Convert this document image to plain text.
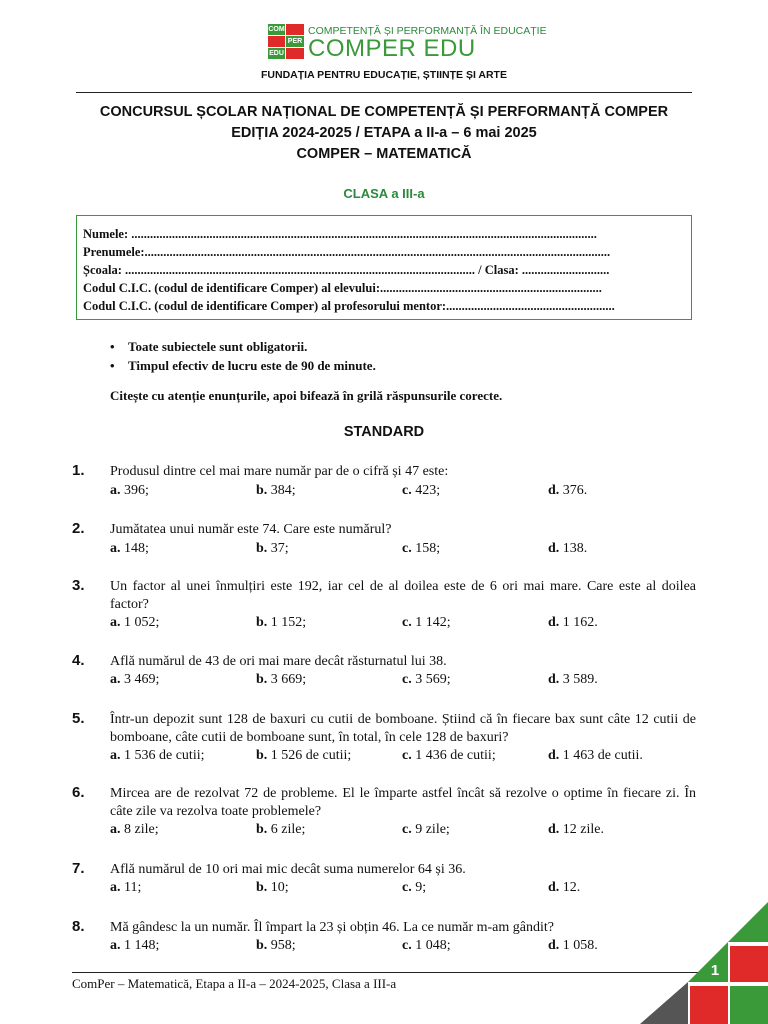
COM
PER
EDU
COMPETENȚĂ ȘI PERFORMANȚĂ ÎN EDUCAȚIE
COMPER EDU
FUNDAȚIA PENTRU EDUCAȚIE, ȘTIINȚE ȘI ARTE
CONCURSUL ȘCOLAR NAȚIONAL DE COMPETENȚĂ ȘI PERFORMANȚĂ COMPER
EDIȚIA 2024-2025 / ETAPA a II-a – 6 mai 2025
COMPER – MATEMATICĂ
CLASA a III-a
Numele: .....................................................................................................................................................
Prenumele:.....................................................................................................................................................
Școala: ................................................................................................................ / Clasa: ............................
Codul C.I.C. (codul de identificare Comper) al elevului:.......................................................................
Codul C.I.C. (codul de identificare Comper) al profesorului mentor:......................................................
• Toate subiectele sunt obligatorii.
• Timpul efectiv de lucru este de 90 de minute.
Citește cu atenție enunțurile, apoi bifează în grilă răspunsurile corecte.
STANDARD
1. Produsul dintre cel mai mare număr par de o cifră și 47 este:
a. 396;	b. 384;	c. 423;	d. 376.
2. Jumătatea unui număr este 74. Care este numărul?
a. 148;	b. 37;	c. 158;	d. 138.
3. Un factor al unei înmulțiri este 192, iar cel de al doilea este de 6 ori mai mare. Care este al doilea factor?
a. 1 052;	b. 1 152;	c. 1 142;	d. 1 162.
4. Află numărul de 43 de ori mai mare decât răsturnatul lui 38.
a. 3 469;	b. 3 669;	c. 3 569;	d. 3 589.
5. Într-un depozit sunt 128 de baxuri cu cutii de bomboane. Știind că în fiecare bax sunt câte 12 cutii de bomboane, câte cutii de bomboane sunt, în total, în cele 128 de baxuri?
a. 1 536 de cutii;	b. 1 526 de cutii;	c. 1 436 de cutii;	d. 1 463 de cutii.
6. Mircea are de rezolvat 72 de probleme. El le împarte astfel încât să rezolve o optime în fiecare zi. În câte zile va rezolva toate problemele?
a. 8 zile;	b. 6 zile;	c. 9 zile;	d. 12 zile.
7. Află numărul de 10 ori mai mic decât suma numerelor 64 și 36.
a. 11;	b. 10;	c. 9;	d. 12.
8. Mă gândesc la un număr. Îl împart la 23 și obțin 46. La ce număr m-am gândit?
a. 1 148;	b. 958;	c. 1 048;	d. 1 058.
ComPer – Matematică, Etapa a II-a – 2024-2025, Clasa a III-a
1
